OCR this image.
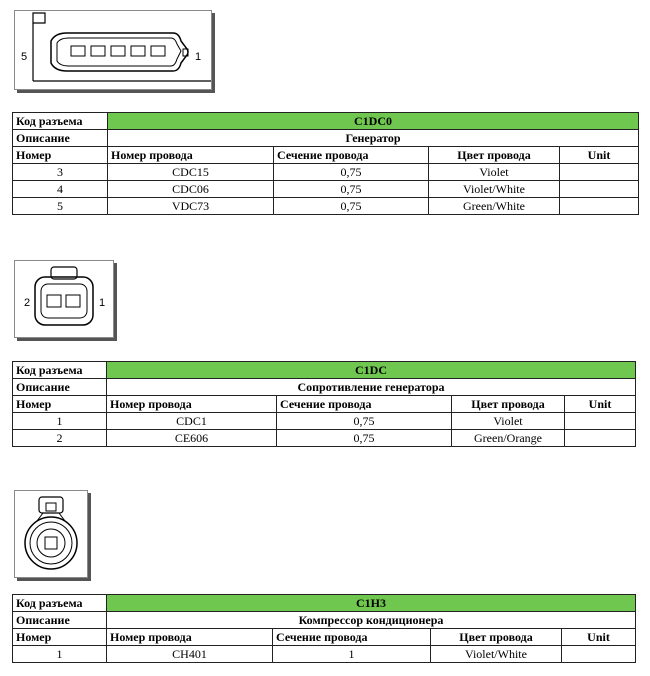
5	1
Код разъема	C1DC0			
Описание	Генератор			
Номер	Номер провода	Сечение провода	Цвет провода	Unit
3	CDC15	0,75	Violet	
4	CDC06	0,75	Violet/White	
5	VDC73	0,75	Green/White	
2	1
Код разъема	C1DC			
Описание	Сопротивление генератора			
Номер	Номер провода	Сечение провода	Цвет провода	Unit
1	CDC1	0,75	Violet	
2	CE606	0,75	Green/Orange	
Код разъема	C1H3			
Описание	Компрессор кондиционера			
Номер	Номер провода	Сечение провода	Цвет провода	Unit
1	CH401	1	Violet/White	
